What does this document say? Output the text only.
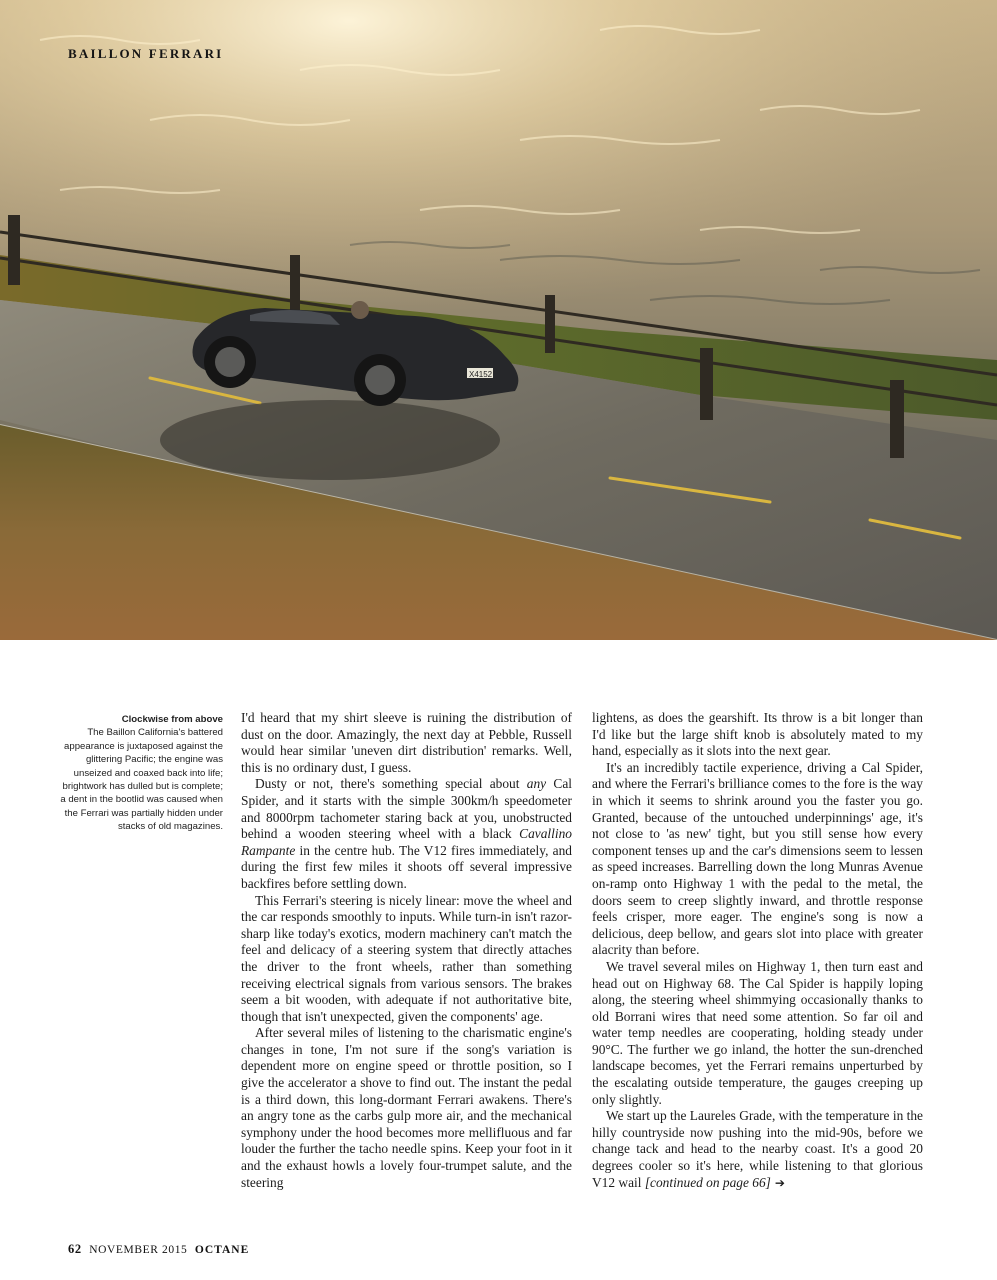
X4152
BAILLON FERRARI
Clockwise from above
The Baillon California's battered appearance is juxtaposed against the glittering Pacific; the engine was unseized and coaxed back into life; brightwork has dulled but is complete; a dent in the bootlid was caused when the Ferrari was partially hidden under stacks of old magazines.

I'd heard that my shirt sleeve is ruining the distribution of dust on the door. Amazingly, the next day at Pebble, Russell would hear similar 'uneven dirt distribution' remarks. Well, this is no ordinary dust, I guess.

Dusty or not, there's something special about any Cal Spider, and it starts with the simple 300km/h speedometer and 8000rpm tachometer staring back at you, unobstructed behind a wooden steering wheel with a black Cavallino Rampante in the centre hub. The V12 fires immediately, and during the first few miles it shoots off several impressive backfires before settling down.

This Ferrari's steering is nicely linear: move the wheel and the car responds smoothly to inputs. While turn-in isn't razor-sharp like today's exotics, modern machinery can't match the feel and delicacy of a steering system that directly attaches the driver to the front wheels, rather than something receiving electrical signals from various sensors. The brakes seem a bit wooden, with adequate if not authoritative bite, though that isn't unexpected, given the components' age.

After several miles of listening to the charismatic engine's changes in tone, I'm not sure if the song's variation is dependent more on engine speed or throttle position, so I give the accelerator a shove to find out. The instant the pedal is a third down, this long-dormant Ferrari awakens. There's an angry tone as the carbs gulp more air, and the mechanical symphony under the hood becomes more mellifluous and far louder the further the tacho needle spins. Keep your foot in it and the exhaust howls a lovely four-trumpet salute, and the steering

lightens, as does the gearshift. Its throw is a bit longer than I'd like but the large shift knob is absolutely mated to my hand, especially as it slots into the next gear.

It's an incredibly tactile experience, driving a Cal Spider, and where the Ferrari's brilliance comes to the fore is the way in which it seems to shrink around you the faster you go. Granted, because of the untouched underpinnings' age, it's not close to 'as new' tight, but you still sense how every component tenses up and the car's dimensions seem to lessen as speed increases. Barrelling down the long Munras Avenue on-ramp onto Highway 1 with the pedal to the metal, the doors seem to creep slightly inward, and throttle response feels crisper, more eager. The engine's song is now a delicious, deep bellow, and gears slot into place with greater alacrity than before.

We travel several miles on Highway 1, then turn east and head out on Highway 68. The Cal Spider is happily loping along, the steering wheel shimmying occasionally thanks to old Borrani wires that need some attention. So far oil and water temp needles are cooperating, holding steady under 90°C. The further we go inland, the hotter the sun-drenched landscape becomes, yet the Ferrari remains unperturbed by the escalating outside temperature, the gauges creeping up only slightly.

We start up the Laureles Grade, with the temperature in the hilly countryside now pushing into the mid-90s, before we change tack and head to the nearby coast. It's a good 20 degrees cooler so it's here, while listening to that glorious V12 wail [continued on page 66] ➔

62 NOVEMBER 2015 OCTANE
